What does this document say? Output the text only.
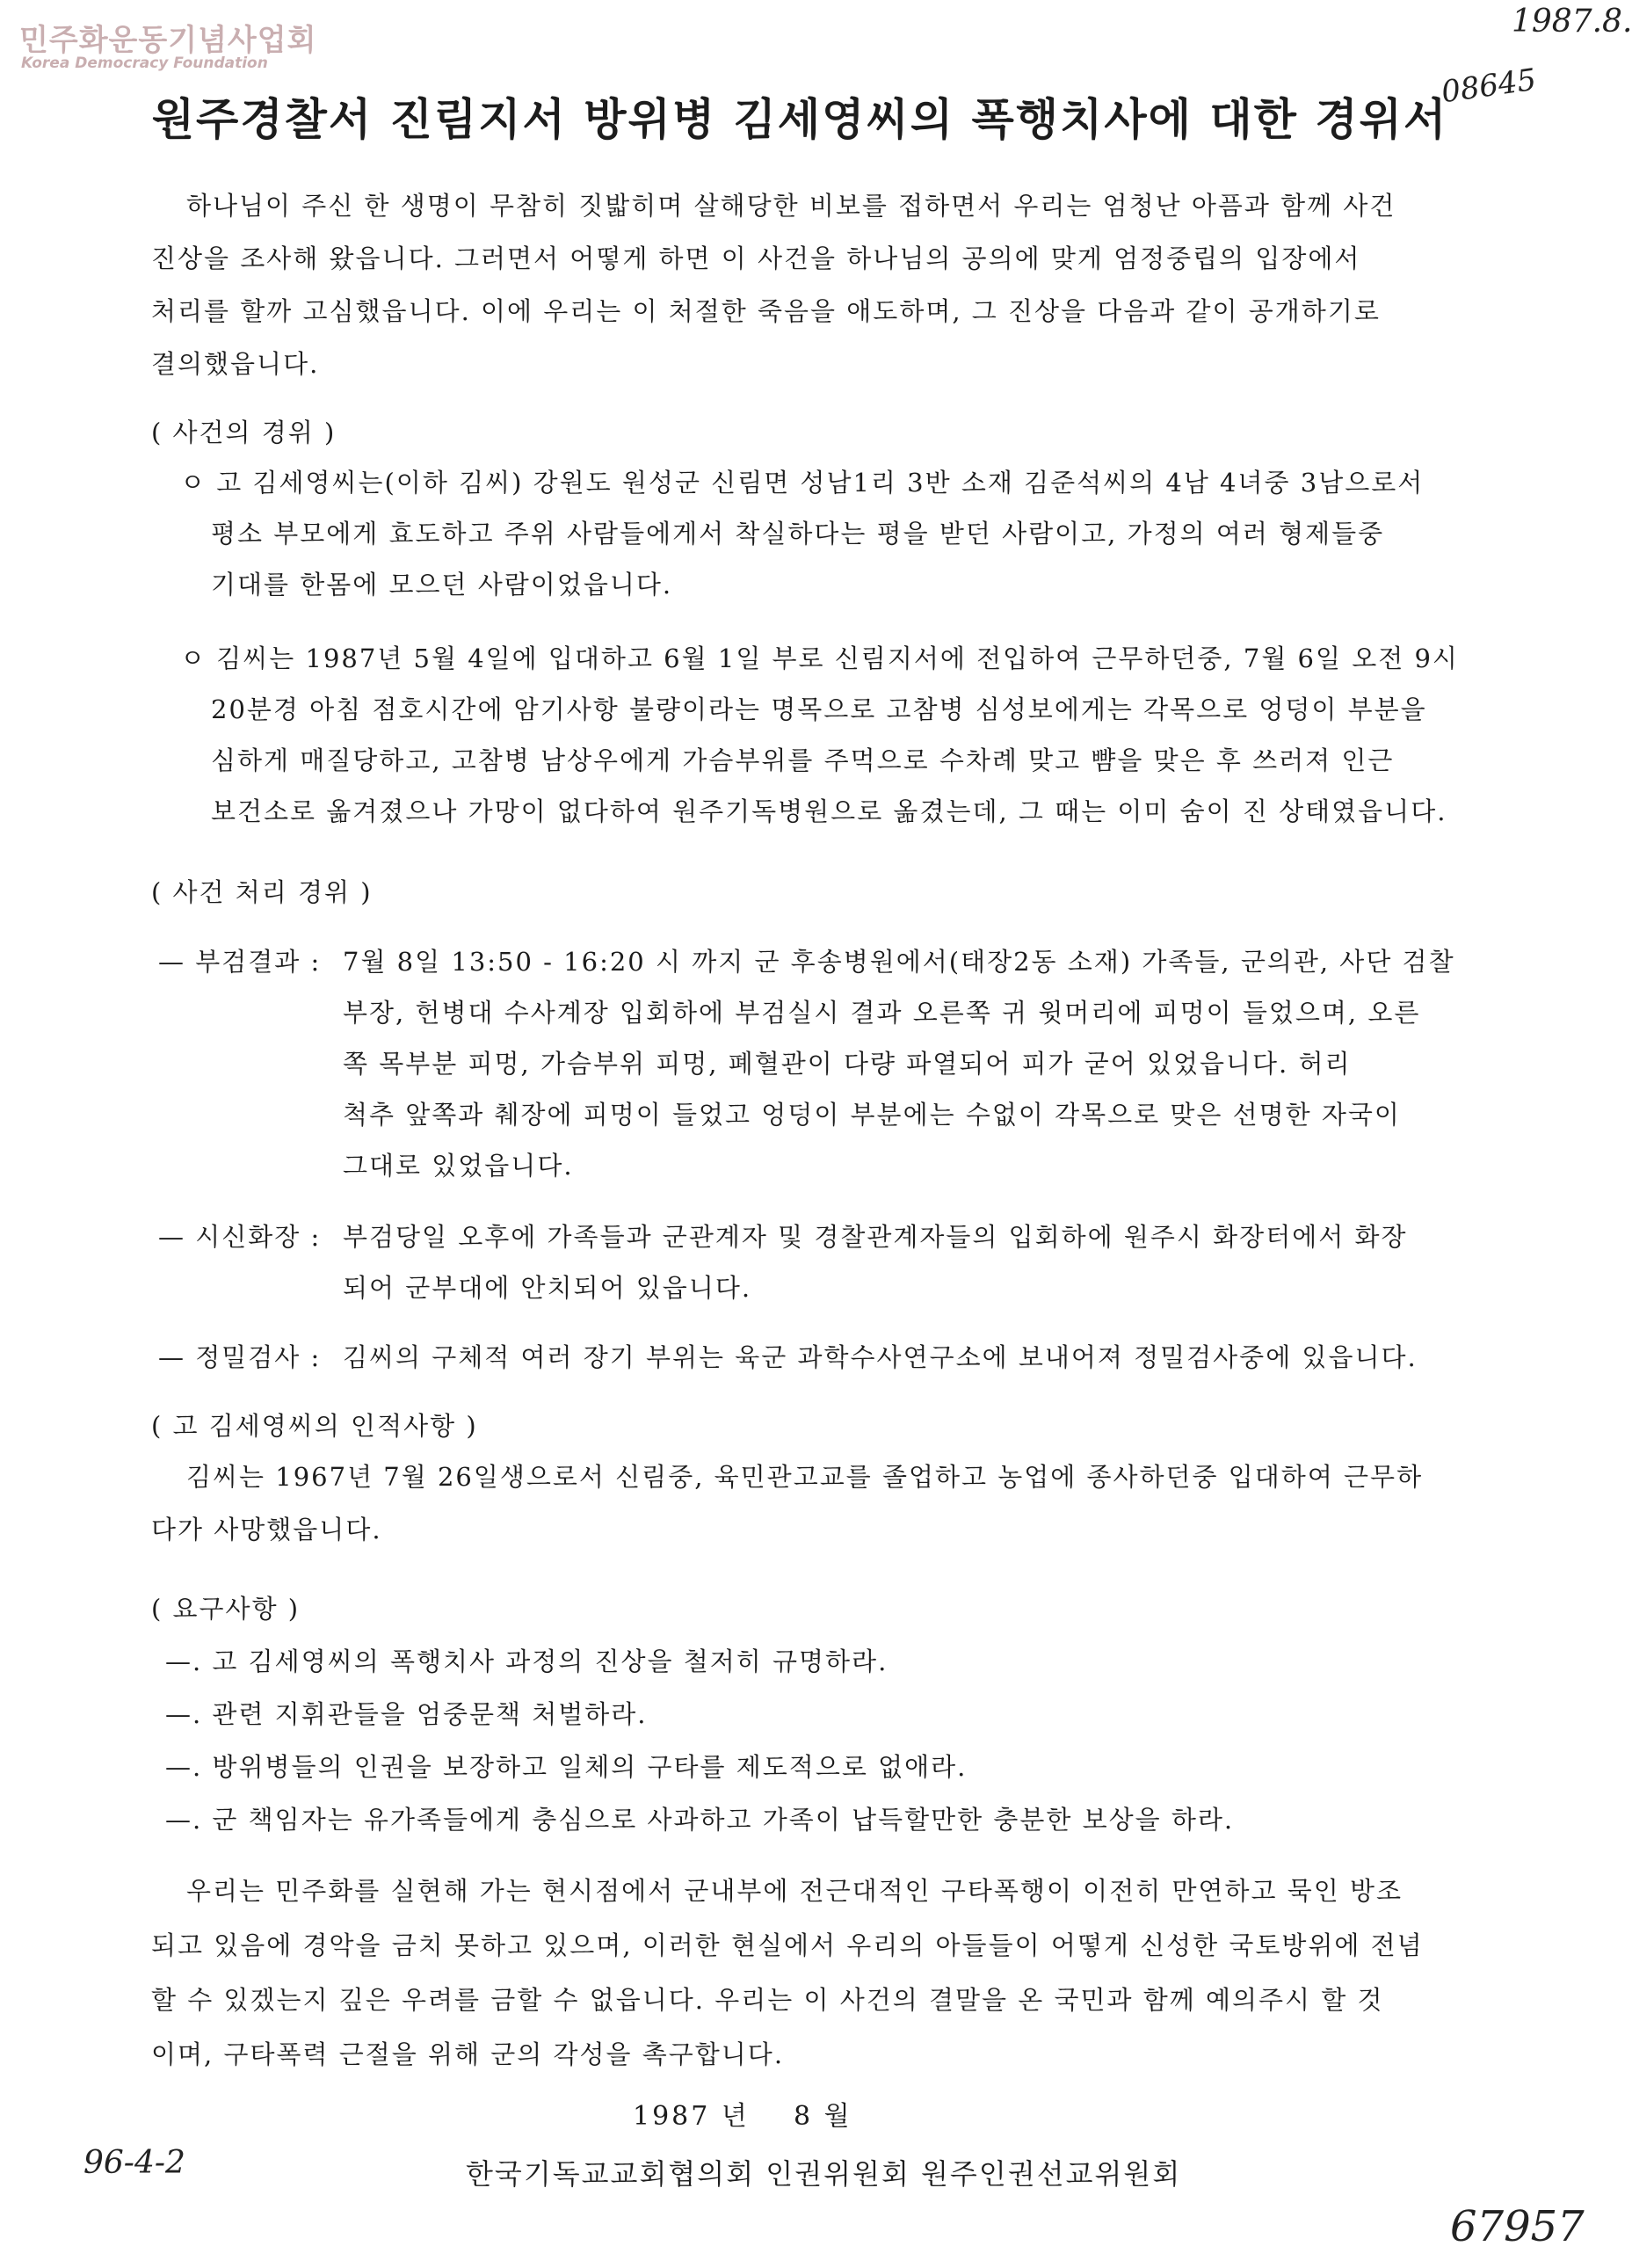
민주화운동기념사업회
Korea Democracy Foundation
1987.8.
08645
원주경찰서 진림지서 방위병 김세영씨의 폭행치사에 대한 경위서
하나님이 주신 한 생명이 무참히 짓밟히며 살해당한 비보를 접하면서 우리는 엄청난 아픔과 함께 사건
진상을 조사해 왔읍니다. 그러면서 어떻게 하면 이 사건을 하나님의 공의에 맞게 엄정중립의 입장에서
처리를 할까 고심했읍니다. 이에 우리는 이 처절한 죽음을 애도하며, 그 진상을 다음과 같이 공개하기로
결의했읍니다.
( 사건의 경위 )
ㅇ 고 김세영씨는(이하 김씨) 강원도 원성군 신림면 성남1리 3반 소재 김준석씨의 4남 4녀중 3남으로서
평소 부모에게 효도하고 주위 사람들에게서 착실하다는 평을 받던 사람이고, 가정의 여러 형제들중
기대를 한몸에 모으던 사람이었읍니다.
ㅇ 김씨는 1987년 5월 4일에 입대하고 6월 1일 부로 신림지서에 전입하여 근무하던중, 7월 6일 오전 9시
20분경 아침 점호시간에 암기사항 불량이라는 명목으로 고참병 심성보에게는 각목으로 엉덩이 부분을
심하게 매질당하고, 고참병 남상우에게 가슴부위를 주먹으로 수차례 맞고 뺨을 맞은 후 쓰러져 인근
보건소로 옮겨졌으나 가망이 없다하여 원주기독병원으로 옮겼는데, 그 때는 이미 숨이 진 상태였읍니다.
( 사건 처리 경위 )
— 부검결과 : 7월 8일 13:50 - 16:20 시 까지 군 후송병원에서(태장2동 소재) 가족들, 군의관, 사단 검찰
부장, 헌병대 수사계장 입회하에 부검실시 결과 오른쪽 귀 윗머리에 피멍이 들었으며, 오른
쪽 목부분 피멍, 가슴부위 피멍, 폐혈관이 다량 파열되어 피가 굳어 있었읍니다. 허리
척추 앞쪽과 췌장에 피멍이 들었고 엉덩이 부분에는 수없이 각목으로 맞은 선명한 자국이
그대로 있었읍니다.
— 시신화장 : 부검당일 오후에 가족들과 군관계자 및 경찰관계자들의 입회하에 원주시 화장터에서 화장
되어 군부대에 안치되어 있읍니다.
— 정밀검사 : 김씨의 구체적 여러 장기 부위는 육군 과학수사연구소에 보내어져 정밀검사중에 있읍니다.
( 고 김세영씨의 인적사항 )
김씨는 1967년 7월 26일생으로서 신림중, 육민관고교를 졸업하고 농업에 종사하던중 입대하여 근무하
다가 사망했읍니다.
( 요구사항 )
—. 고 김세영씨의 폭행치사 과정의 진상을 철저히 규명하라.
—. 관련 지휘관들을 엄중문책 처벌하라.
—. 방위병들의 인권을 보장하고 일체의 구타를 제도적으로 없애라.
—. 군 책임자는 유가족들에게 충심으로 사과하고 가족이 납득할만한 충분한 보상을 하라.
우리는 민주화를 실현해 가는 현시점에서 군내부에 전근대적인 구타폭행이 이전히 만연하고 묵인 방조
되고 있음에 경악을 금치 못하고 있으며, 이러한 현실에서 우리의 아들들이 어떻게 신성한 국토방위에 전념
할 수 있겠는지 깊은 우려를 금할 수 없읍니다. 우리는 이 사건의 결말을 온 국민과 함께 예의주시 할 것
이며, 구타폭력 근절을 위해 군의 각성을 촉구합니다.
1987 년    8 월
96-4-2	한국기독교교회협의회 인권위원회 원주인권선교위원회
67957
